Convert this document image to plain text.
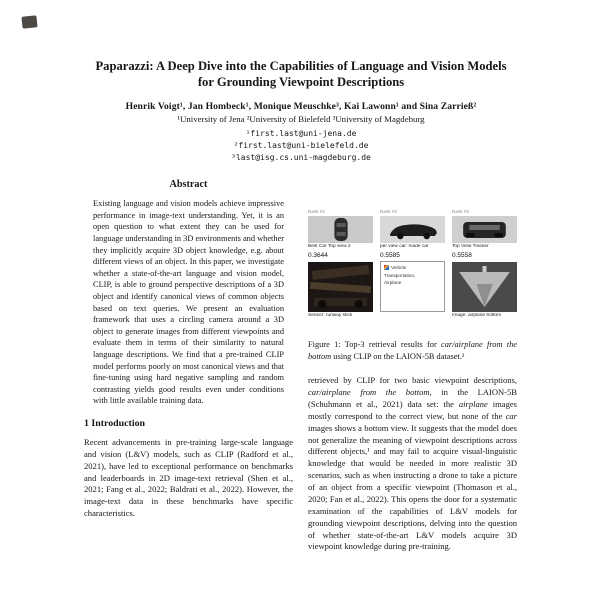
Paparazzi: A Deep Dive into the Capabilities of Language and Vision Models for Grounding Viewpoint Descriptions
Henrik Voigt¹, Jan Hombeck¹, Monique Meuschke³, Kai Lawonn¹ and Sina Zarrieß²
¹University of Jena ²University of Bielefeld ³University of Magdeburg
¹first.last@uni-jena.de
²first.last@uni-bielefeld.de
³last@isg.cs.uni-magdeburg.de
Abstract

Existing language and vision models achieve impressive performance in image-text understanding. Yet, it is an open question to what extent they can be used for language understanding in 3D environments and whether they implicitly acquire 3D object knowledge, e.g. about different views of an object. In this paper, we investigate whether a state-of-the-art language and vision model, CLIP, is able to ground perspective descriptions of a 3D object and identify canonical views of common objects based on text queries. We present an evaluation framework that uses a circling camera around a 3D object to generate images from different viewpoints and evaluate them in terms of their similarity to natural language descriptions. We find that a pre-trained CLIP model performs poorly on most canonical views and that fine-tuning using hard negative sampling and random contrasting yields good results even under conditions with little available training data.

1 Introduction

Recent advancements in pre-training large-scale language and vision (L&V) models, such as CLIP (Radford et al., 2021), have led to exceptional performance on benchmarks and leaderboards in 2D image-text retrieval (Shen et al., 2021; Fang et al., 2022; Baldrati et al., 2022). However, the image-text data in these benchmarks have specific characteristics.

Rank #1	Rank #2	Rank #3
Best Car Top view 2	per view car: made car	Top View Tracker
0.3644	0.5585	0.5558
Vehicle
Transportation,
Airplane
Sensor: runway stick	Image: airplane bottom
Figure 1: Top-3 retrieval results for car/airplane from the bottom using CLIP on the LAION-5B dataset.²

retrieved by CLIP for two basic viewpoint descriptions, car/airplane from the bottom, in the LAION-5B (Schuhmann et al., 2021) data set: the airplane images mostly correspond to the correct view, but none of the car images shows a bottom view. It suggests that the model does not generalize the meaning of viewpoint descriptions across different objects,¹ and may fail to acquire visual-linguistic knowledge that would be needed in more realistic 3D scenarios, such as when instructing a drone to take a picture of an object from a specific viewpoint (Thomason et al., 2020; Fan et al., 2022). This opens the door for a systematic examination of the capabilities of L&V models for grounding viewpoint descriptions, delving into the question of whether state-of-the-art L&V models acquire 3D viewpoint knowledge during pre-training.
